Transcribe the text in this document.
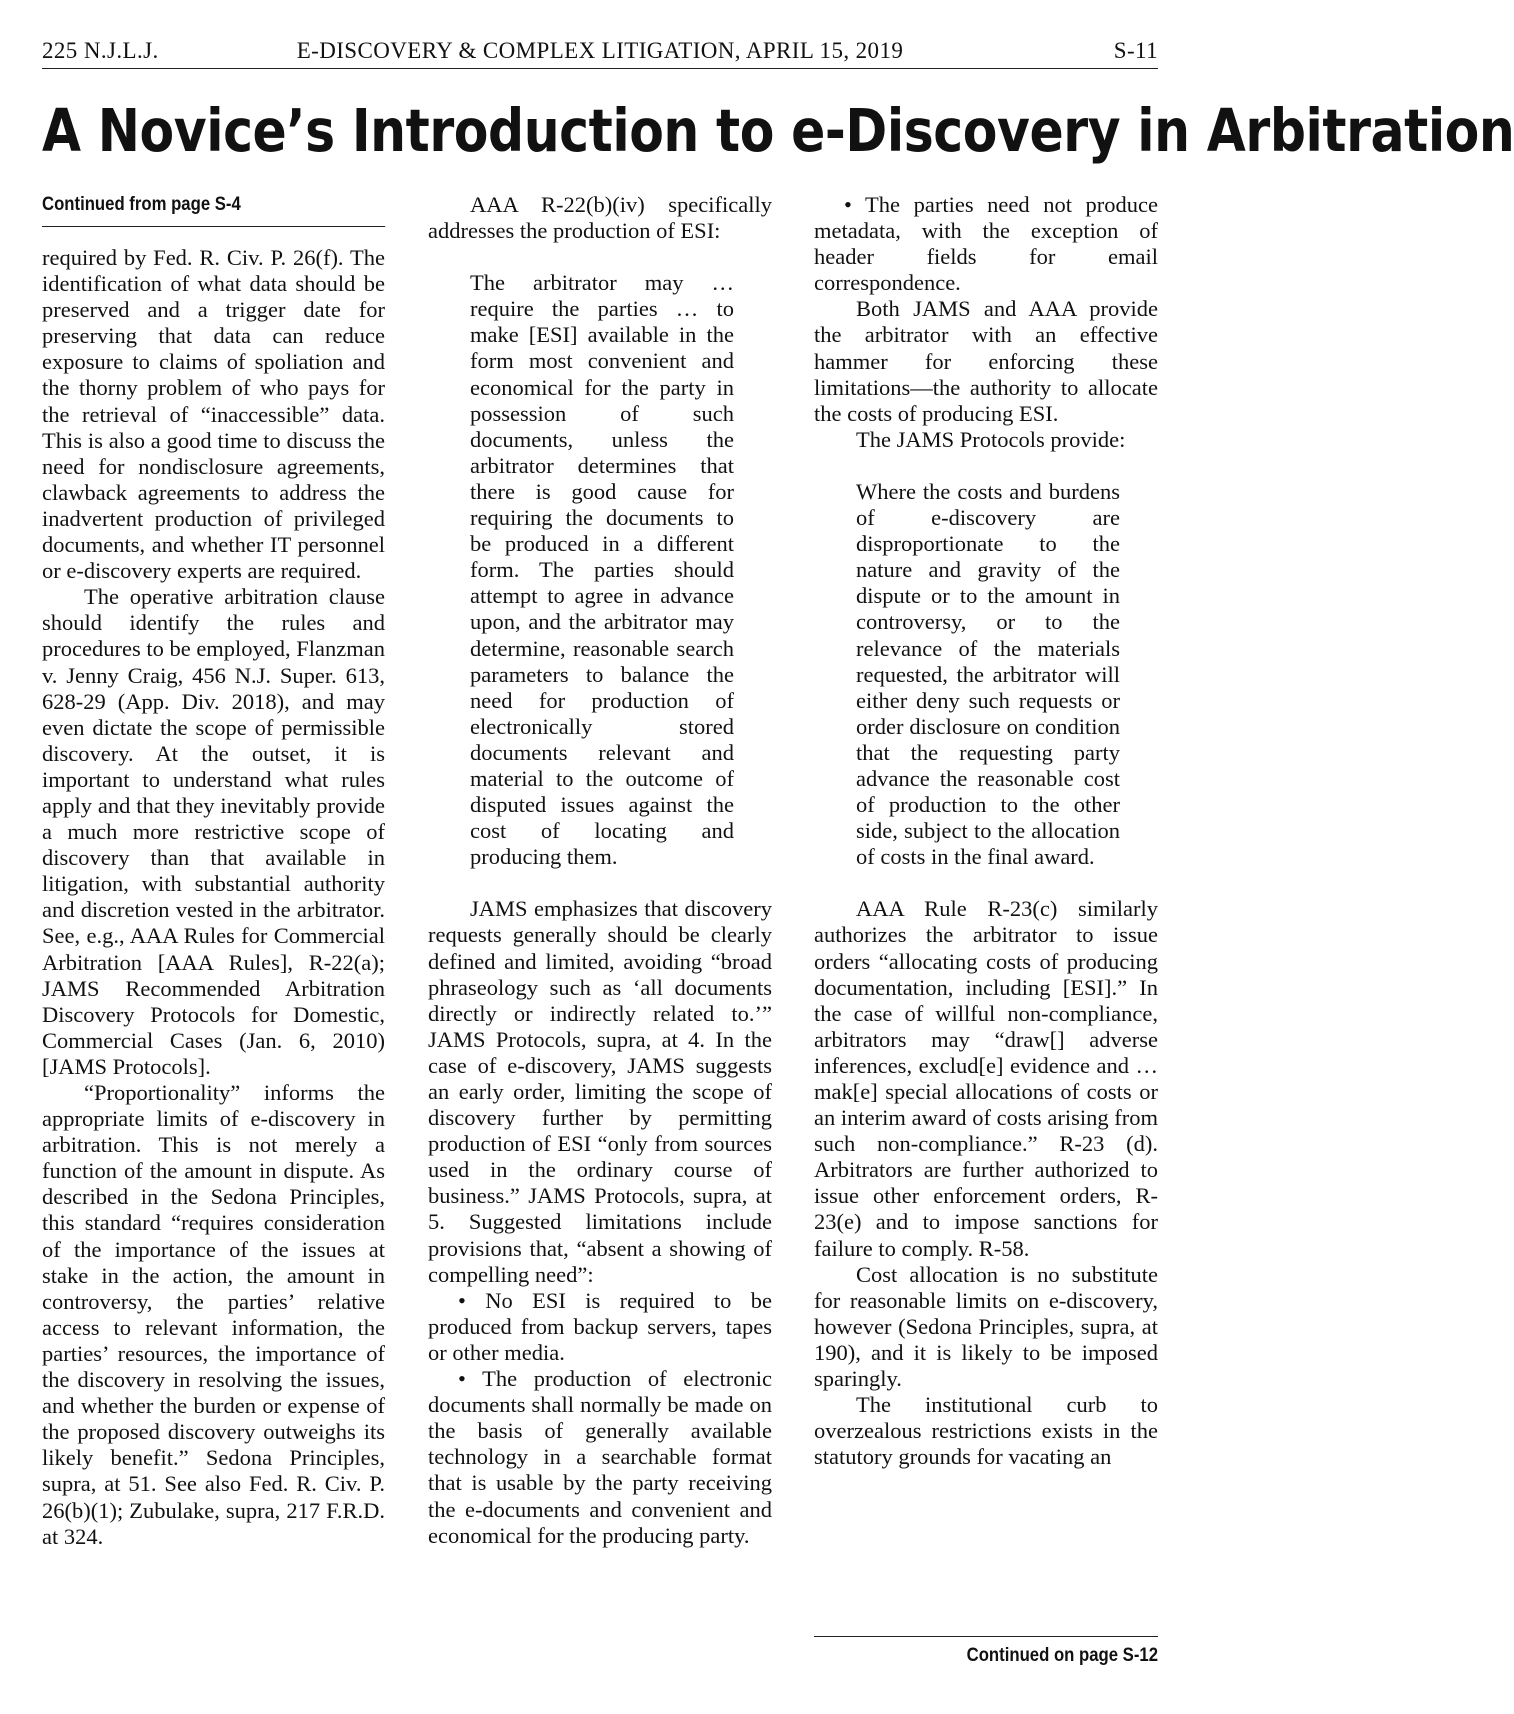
225 N.J.L.J.	E-DISCOVERY & COMPLEX LITIGATION, APRIL 15, 2019	S-11
A Novice’s Introduction to e-Discovery in Arbitration
Continued from page S-4

required by Fed. R. Civ. P. 26(f). The identification of what data should be preserved and a trigger date for preserving that data can reduce exposure to claims of spoliation and the thorny problem of who pays for the retrieval of “inaccessible” data. This is also a good time to discuss the need for nondisclosure agreements, clawback agreements to address the inadvertent production of privileged documents, and whether IT personnel or e-discovery experts are required.

The operative arbitration clause should identify the rules and procedures to be employed, Flanzman v. Jenny Craig, 456 N.J. Super. 613, 628-29 (App. Div. 2018), and may even dictate the scope of permissible discovery. At the outset, it is important to understand what rules apply and that they inevitably provide a much more restrictive scope of discovery than that available in litigation, with substantial authority and discretion vested in the arbitrator. See, e.g., AAA Rules for Commercial Arbitration [AAA Rules], R-22(a); JAMS Recommended Arbitration Discovery Protocols for Domestic, Commercial Cases (Jan. 6, 2010) [JAMS Protocols].

“Proportionality” informs the appropriate limits of e-discovery in arbitration. This is not merely a function of the amount in dispute. As described in the Sedona Principles, this standard “requires consideration of the importance of the issues at stake in the action, the amount in controversy, the parties’ relative access to relevant information, the parties’ resources, the importance of the discovery in resolving the issues, and whether the burden or expense of the proposed discovery outweighs its likely benefit.” Sedona Principles, supra, at 51. See also Fed. R. Civ. P. 26(b)(1); Zubulake, supra, 217 F.R.D. at 324.

AAA R-22(b)(iv) specifically addresses the production of ESI:

The arbitrator may … require the parties … to make [ESI] available in the form most convenient and economical for the party in possession of such documents, unless the arbitrator determines that there is good cause for requiring the documents to be produced in a different form. The parties should attempt to agree in advance upon, and the arbitrator may determine, reasonable search parameters to balance the need for production of electronically stored documents relevant and material to the outcome of disputed issues against the cost of locating and producing them.

JAMS emphasizes that discovery requests generally should be clearly defined and limited, avoiding “broad phraseology such as ‘all documents directly or indirectly related to.’” JAMS Protocols, supra, at 4. In the case of e-discovery, JAMS suggests an early order, limiting the scope of discovery further by permitting production of ESI “only from sources used in the ordinary course of business.” JAMS Protocols, supra, at 5. Suggested limitations include provisions that, “absent a showing of compelling need”:

• No ESI is required to be produced from backup servers, tapes or other media.

• The production of electronic documents shall normally be made on the basis of generally available technology in a searchable format that is usable by the party receiving the e-documents and convenient and economical for the producing party.

• The parties need not produce metadata, with the exception of header fields for email correspondence.

Both JAMS and AAA provide the arbitrator with an effective hammer for enforcing these limitations—the authority to allocate the costs of producing ESI.

The JAMS Protocols provide:

Where the costs and burdens of e-discovery are disproportionate to the nature and gravity of the dispute or to the amount in controversy, or to the relevance of the materials requested, the arbitrator will either deny such requests or order disclosure on condition that the requesting party advance the reasonable cost of production to the other side, subject to the allocation of costs in the final award.

AAA Rule R-23(c) similarly authorizes the arbitrator to issue orders “allocating costs of producing documentation, including [ESI].” In the case of willful non-compliance, arbitrators may “draw[] adverse inferences, exclud[e] evidence and … mak[e] special allocations of costs or an interim award of costs arising from such non-compliance.” R-23 (d). Arbitrators are further authorized to issue other enforcement orders, R-23(e) and to impose sanctions for failure to comply. R-58.

Cost allocation is no substitute for reasonable limits on e-discovery, however (Sedona Principles, supra, at 190), and it is likely to be imposed sparingly.

The institutional curb to overzealous restrictions exists in the statutory grounds for vacating an

Continued on page S-12
